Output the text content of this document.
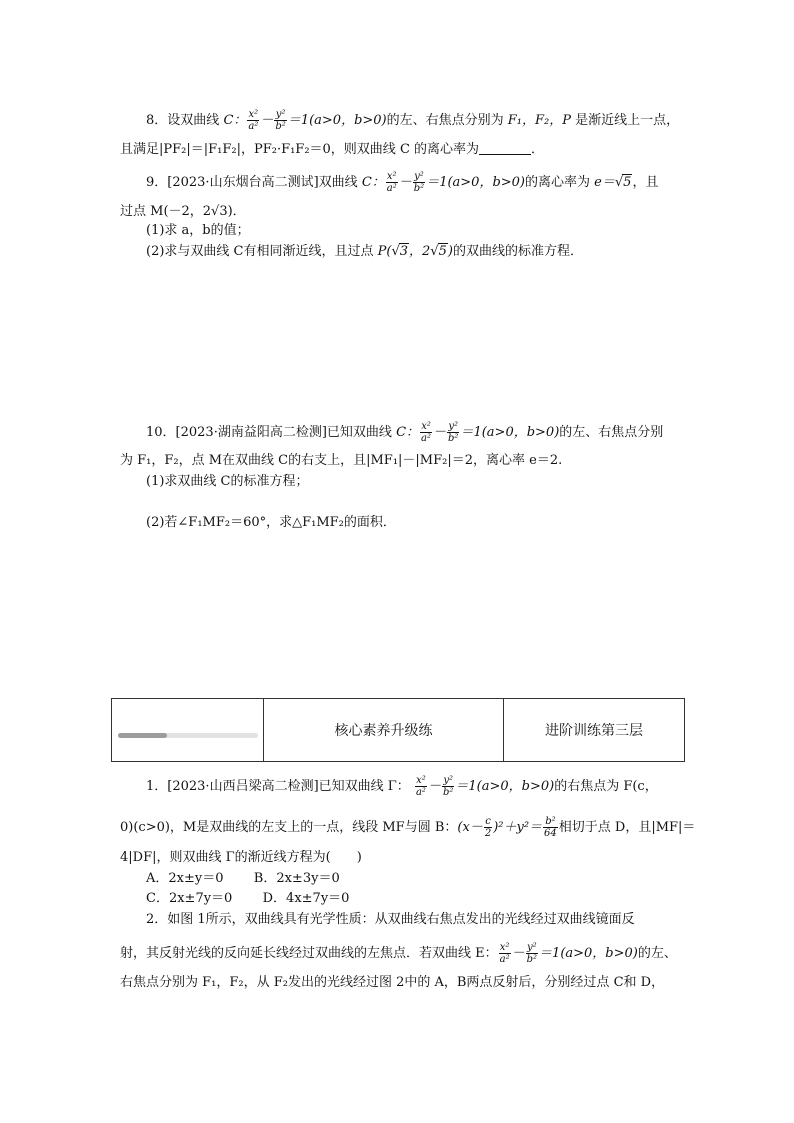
8．设双曲线 C： $\frac{\text{x²}}{\text{a²}} - \frac{\text{y²}}{\text{b²}} =1(a>0$，b>0)的左、右焦点分别为 F₁，F₂，P 是渐近线上一点，
且满足|PF₂|＝|F₁F₂|，PF₂·F₁F₂＝0，则双曲线 C 的离心率为	．
9．[2023·山东烟台高二测试]双曲线 C： $\frac{\text{x²}}{\text{a²}} - \frac{\text{y²}}{\text{b²}} =1(a>0$，b>0)的离心率为 e＝√5，且
过点 M(－2，2√3)．
(1)求 a，b的值；
(2)求与双曲线 C有相同渐近线，且过点 P(√3，2√5)的双曲线的标准方程．
10．[2023·湖南益阳高二检测]已知双曲线 C： $\frac{\text{x²}}{\text{a²}} - \frac{\text{y²}}{\text{b²}} =1(a>0$，b>0)的左、右焦点分别
为 F₁，F₂，点 M在双曲线 C的右支上，且|MF₁|－|MF₂|＝2，离心率 e＝2.
(1)求双曲线 C的标准方程；
(2)若∠F₁MF₂＝60°，求△F₁MF₂的面积．
核心素养升级练	进阶训练第三层
1．[2023·山西吕梁高二检测]已知双曲线 Γ： $\frac{\text{x²}}{\text{a²}} - \frac{\text{y²}}{\text{b²}} =1(a>0$，b>0)的右焦点为 F(c，
0)(c>0)，M是双曲线的左支上的一点，线段 MF与圆 B：$(x- \frac{c}{2} )^2+y^2= \frac{\text{b²}}{64}$ 相切于点 D，且|MF|＝
4|DF|，则双曲线 Γ的渐近线方程为(　　)
A．2x±y＝0 B．2x±3y＝0
C．2x±7y＝0 D．4x±7y＝0
2．如图 1所示，双曲线具有光学性质：从双曲线右焦点发出的光线经过双曲线镜面反
射，其反射光线的反向延长线经过双曲线的左焦点．若双曲线 E： $\frac{\text{x²}}{\text{a²}} - \frac{\text{y²}}{\text{b²}} =1(a>0$，b>0)的左、
右焦点分别为 F₁，F₂，从 F₂发出的光线经过图 2中的 A，B两点反射后，分别经过点 C和 D，
